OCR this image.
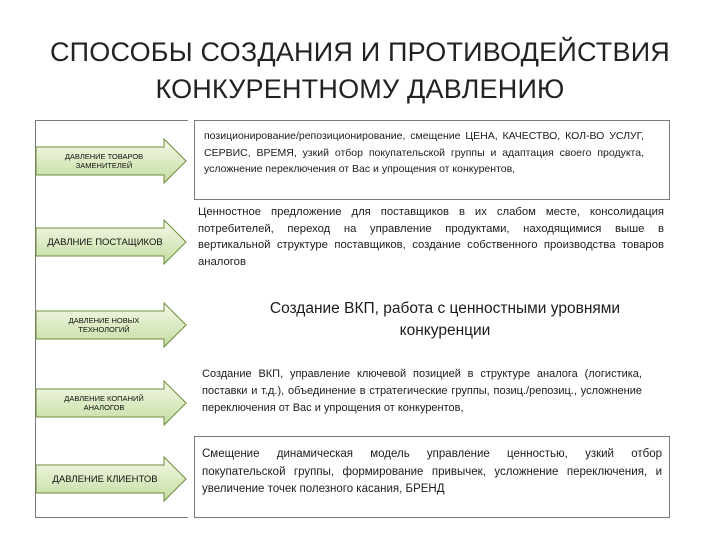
СПОСОБЫ СОЗДАНИЯ И ПРОТИВОДЕЙСТВИЯ
КОНКУРЕНТНОМУ ДАВЛЕНИЮ
ДАВЛЕНИЕ ТОВАРОВ ЗАМЕНИТЕЛЕЙ
ДАВЛНИЕ ПОСТАЩИКОВ
ДАВЛЕНИЕ НОВЫХ ТЕХНОЛОГИЙ
ДАВЛЕНИЕ КОПАНИЙ АНАЛОГОВ
ДАВЛЕНИЕ КЛИЕНТОВ
позиционирование/репозиционирование, смещение ЦЕНА, КАЧЕСТВО, КОЛ-ВО УСЛУГ, СЕРВИС, ВРЕМЯ, узкий отбор покупательской группы и адаптация своего продукта, усложнение переключения от Вас и упрощения от конкурентов,
Ценностное предложение для поставщиков в их слабом месте, консолидация потребителей, переход на управление продуктами, находящимися выше в вертикальной структуре поставщиков, создание собственного производства товаров аналогов
Создание ВКП, работа с ценностными уровнями конкуренции
Создание ВКП, управление ключевой позицией в структуре аналога (логистика, поставки и т.д.), объединение в стратегические группы, позиц./репозиц., усложнение переключения от Вас и упрощения от конкурентов,
Смещение динамическая модель управление ценностью, узкий отбор покупательской группы, формирование привычек, усложнение переключения, и увеличение точек полезного касания, БРЕНД
